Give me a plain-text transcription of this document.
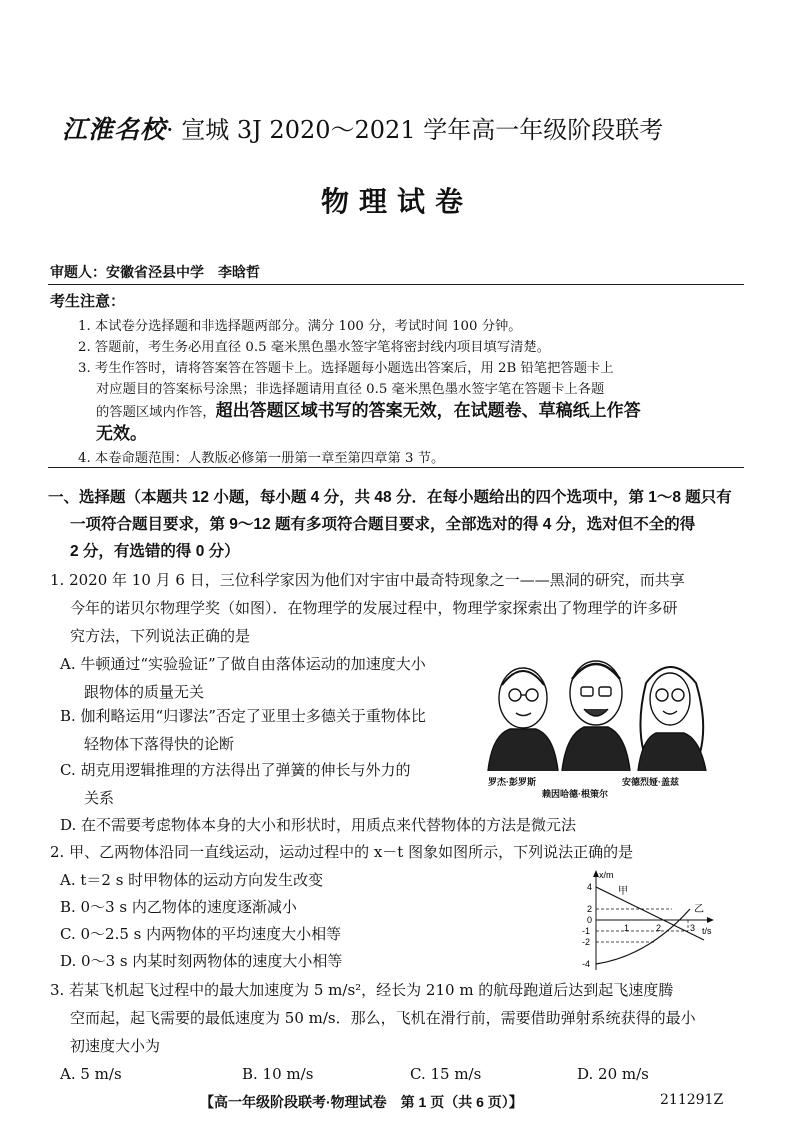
江淮名校· 宣城 3J 2020～2021 学年高一年级阶段联考
物理试卷
审题人：安徽省泾县中学　李晗哲
考生注意：
1. 本试卷分选择题和非选择题两部分。满分 100 分，考试时间 100 分钟。
2. 答题前，考生务必用直径 0.5 毫米黑色墨水签字笔将密封线内项目填写清楚。
3. 考生作答时，请将答案答在答题卡上。选择题每小题选出答案后，用 2B 铅笔把答题卡上
对应题目的答案标号涂黑；非选择题请用直径 0.5 毫米黑色墨水签字笔在答题卡上各题
的答题区域内作答，超出答题区域书写的答案无效，在试题卷、草稿纸上作答
无效。
4. 本卷命题范围：人教版必修第一册第一章至第四章第 3 节。
一、选择题（本题共 12 小题，每小题 4 分，共 48 分．在每小题给出的四个选项中，第 1～8 题只有
一项符合题目要求，第 9～12 题有多项符合题目要求，全部选对的得 4 分，选对但不全的得
2 分，有选错的得 0 分）
1. 2020 年 10 月 6 日，三位科学家因为他们对宇宙中最奇特现象之一——黑洞的研究，而共享
今年的诺贝尔物理学奖（如图）．在物理学的发展过程中，物理学家探索出了物理学的许多研
究方法，下列说法正确的是
A. 牛顿通过“实验验证”了做自由落体运动的加速度大小
跟物体的质量无关
B. 伽利略运用“归谬法”否定了亚里士多德关于重物体比
轻物体下落得快的论断
C. 胡克用逻辑推理的方法得出了弹簧的伸长与外力的
关系
D. 在不需要考虑物体本身的大小和形状时，用质点来代替物体的方法是微元法
罗杰·彭罗斯	安德烈娅·盖兹
赖因哈德·根策尔
2. 甲、乙两物体沿同一直线运动，运动过程中的 x－t 图象如图所示，下列说法正确的是
A. t＝2 s 时甲物体的运动方向发生改变
B. 0～3 s 内乙物体的速度逐渐减小
C. 0～2.5 s 内两物体的平均速度大小相等
D. 0～3 s 内某时刻两物体的速度大小相等
x/m
t/s
甲
乙
4
2
0
-1
-2
-4
1	2	3
3. 若某飞机起飞过程中的最大加速度为 5 m/s²，经长为 210 m 的航母跑道后达到起飞速度腾
空而起，起飞需要的最低速度为 50 m/s．那么，飞机在滑行前，需要借助弹射系统获得的最小
初速度大小为
A. 5 m/s	B. 10 m/s	C. 15 m/s	D. 20 m/s
【高一年级阶段联考·物理试卷　第 1 页（共 6 页）】	211291Z
